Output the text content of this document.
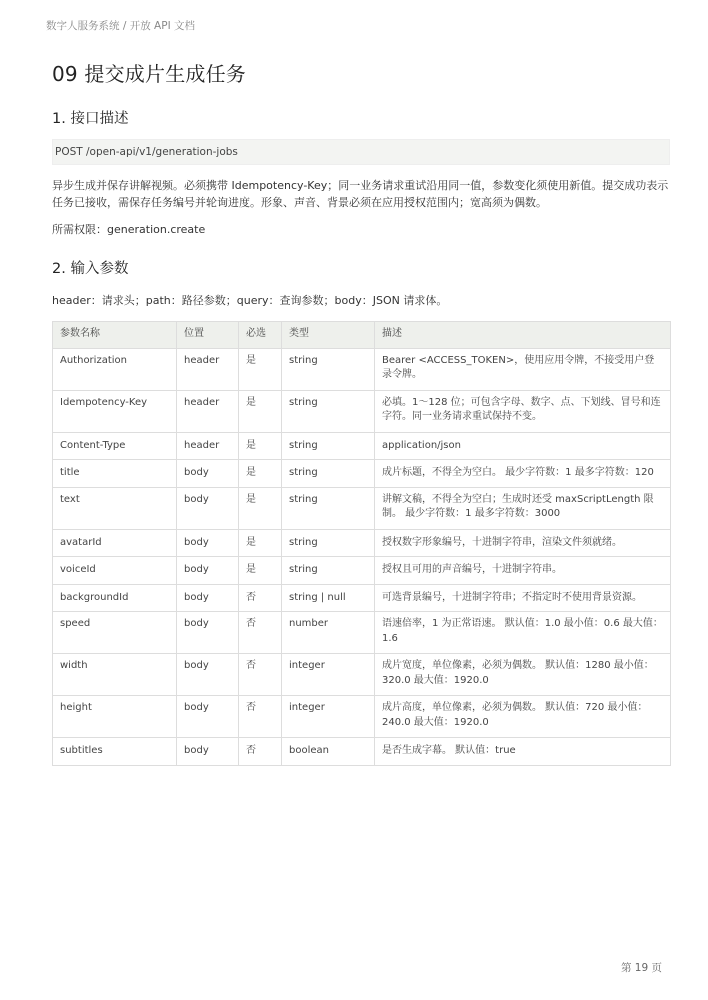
数字人服务系统 / 开放 API 文档
09 提交成片生成任务
1. 接口描述
POST /open-api/v1/generation-jobs
异步生成并保存讲解视频。必须携带 Idempotency-Key；同一业务请求重试沿用同一值，参数变化须使用新值。提交成功表示任务已接收，需保存任务编号并轮询进度。形象、声音、背景必须在应用授权范围内；宽高须为偶数。
所需权限：generation.create
2. 输入参数
header：请求头；path：路径参数；query：查询参数；body：JSON 请求体。
参数名称	位置	必选	类型	描述
Authorization	header	是	string	Bearer <ACCESS_TOKEN>，使用应用令牌，不接受用户登录令牌。
Idempotency-Key	header	是	string	必填。1～128 位；可包含字母、数字、点、下划线、冒号和连字符。同一业务请求重试保持不变。
Content-Type	header	是	string	application/json
title	body	是	string	成片标题，不得全为空白。 最少字符数：1 最多字符数：120
text	body	是	string	讲解文稿，不得全为空白；生成时还受 maxScriptLength 限制。 最少字符数：1 最多字符数：3000
avatarId	body	是	string	授权数字形象编号，十进制字符串，渲染文件须就绪。
voiceId	body	是	string	授权且可用的声音编号，十进制字符串。
backgroundId	body	否	string | null	可选背景编号，十进制字符串；不指定时不使用背景资源。
speed	body	否	number	语速倍率，1 为正常语速。 默认值：1.0 最小值：0.6 最大值：1.6
width	body	否	integer	成片宽度，单位像素，必须为偶数。 默认值：1280 最小值：320.0 最大值：1920.0
height	body	否	integer	成片高度，单位像素，必须为偶数。 默认值：720 最小值：240.0 最大值：1920.0
subtitles	body	否	boolean	是否生成字幕。 默认值：true
第 19 页
